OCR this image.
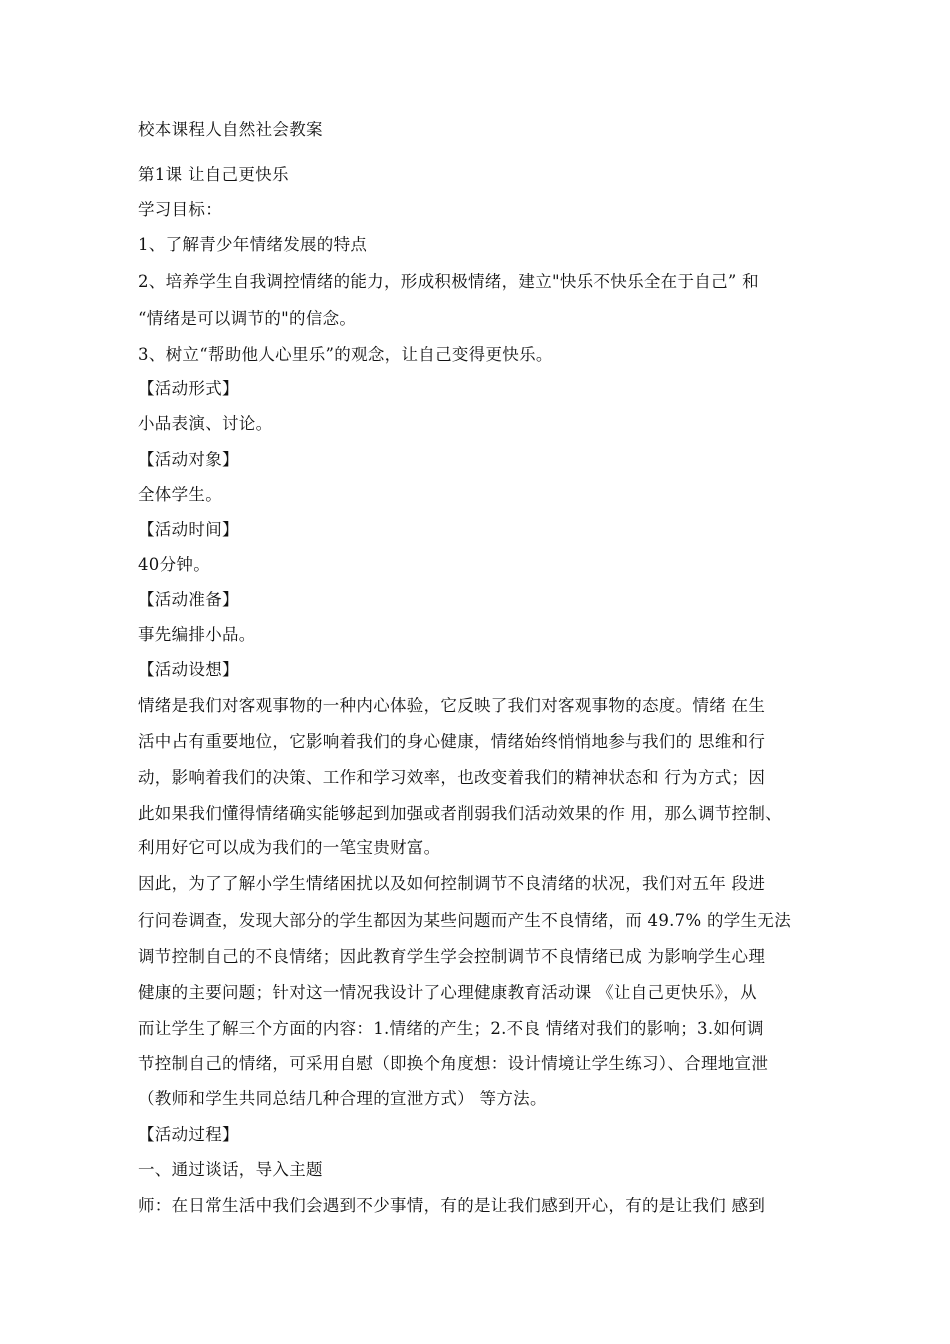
校本课程人自然社会教案

第1课 让自己更快乐

学习目标：

1、了解青少年情绪发展的特点

2、培养学生自我调控情绪的能力，形成积极情绪，建立"快乐不快乐全在于自己” 和

“情绪是可以调节的"的信念。

3、树立“帮助他人心里乐”的观念，让自己变得更快乐。

【活动形式】

小品表演、讨论。

【活动对象】

全体学生。

【活动时间】

40分钟。

【活动准备】

事先编排小品。

【活动设想】

情绪是我们对客观事物的一种内心体验，它反映了我们对客观事物的态度。情绪 在生

活中占有重要地位，它影响着我们的身心健康，情绪始终悄悄地参与我们的 思维和行

动，影响着我们的决策、工作和学习效率，也改变着我们的精神状态和 行为方式；因

此如果我们懂得情绪确实能够起到加强或者削弱我们活动效果的作 用，那么调节控制、

利用好它可以成为我们的一笔宝贵财富。

因此，为了了解小学生情绪困扰以及如何控制调节不良清绪的状况，我们对五年 段进

行问卷调查，发现大部分的学生都因为某些问题而产生不良情绪，而 49.7% 的学生无法

调节控制自己的不良情绪；因此教育学生学会控制调节不良情绪已成 为影响学生心理

健康的主要问题；针对这一情况我设计了心理健康教育活动课 《让自己更快乐》，从

而让学生了解三个方面的内容：1.情绪的产生；2.不良 情绪对我们的影响；3.如何调

节控制自己的情绪，可采用自慰（即换个角度想：设计情境让学生练习）、合理地宣泄

（教师和学生共同总结几种合理的宣泄方式） 等方法。

【活动过程】

一、通过谈话，导入主题

师：在日常生活中我们会遇到不少事情，有的是让我们感到开心，有的是让我们 感到
